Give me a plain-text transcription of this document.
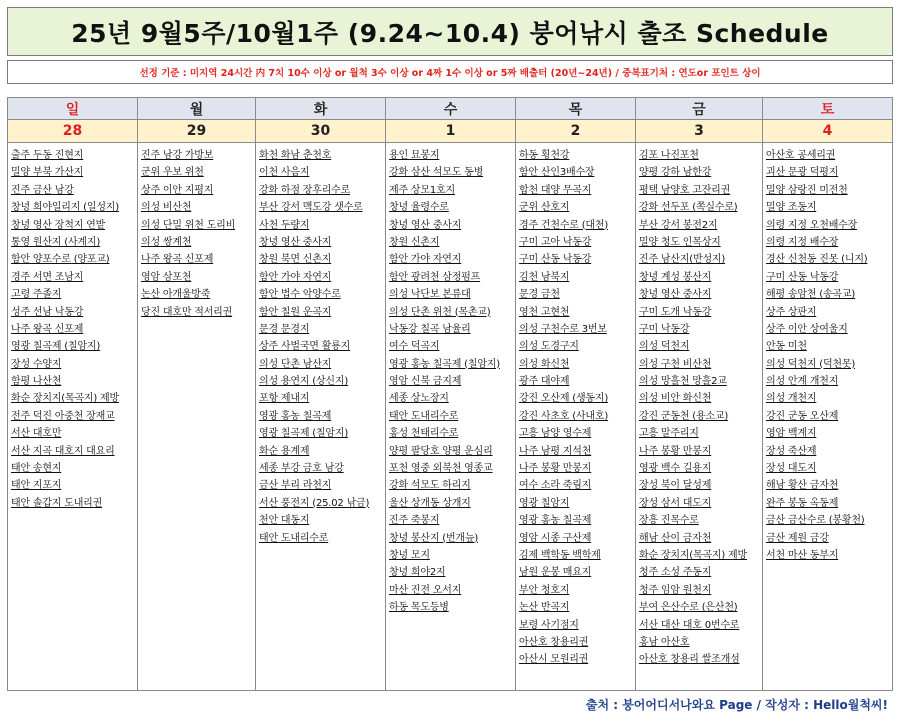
25년 9월5주/10월1주 (9.24~10.4) 붕어낚시 출조 Schedule
선정 기준 : 미지역 24시간 内 7치 10수 이상 or 월척 3수 이상 or 4짜 1수 이상 or 5짜 배출터 (20년~24년) / 중복표기처 : 연도or 포인트 상이
일
28
출주 두동 진현지
밀양 부북 가산지
진주 금산 남강
창녕 희야일리지 (일성지)
창녕 영산 장척지 연밭
통영 원산지 (사계지)
함안 양포수로 (양포교)
경주 서면 조남지
고령 주졸지
성주 선남 낙동강
나주 왕곡 신포제
영광 칠곡제 (칠암지)
장성 수양지
함평 나산천
화순 장치지(목곡지) 제방
전주 덕진 아중천 장재교
서산 대호만
서산 지곡 대호지 대요리
태안 송현지
태안 지포지
태안 솔갑지 도내리권
월
29
진주 남강 가방보
군위 우보 위천
상주 이안 지평지
의성 비산천
의성 단밀 위천 도리비
의성 쌍계천
나주 왕곡 신포제
영암 삼포천
논산 아개울방죽
당진 대호만 적서리권
화
30
화천 화남 춘천호
이천 사음지
강화 하점 장후리수로
부산 강서 맥도강 샛수로
사천 두량지
창녕 영산 중사지
창원 북면 신촌지
함안 가야 자연지
함안 법수 악양수로
함안 칠원 운곡지
문경 문경지
상주 사벌국면 활룡지
의성 단촌 남산지
의성 용연지 (상신지)
포항 제내지
영광 홍농 칠곡제
영광 칠곡제 (칠암지)
화순 용계제
세종 부강 금호 남강
금산 부리 라천지
서산 풍전지 (25.02 낚금)
천안 대동지
태안 도내리수로
수
1
용인 묘봉지
강화 삼산 석모도 동병
제주 상모1호지
창녕 율령수로
창녕 영산 중사지
창원 신촌지
함안 가야 자연지
함안 광려천 삼정펌프
의성 낙단보 본류대
의성 단촌 위천 (목촌교)
낙동강 칠곡 남율리
여수 덕곡지
영광 홍농 칠곡제 (칠암지)
영암 신북 금지제
세종 상노장지
태안 도내리수로
홍성 천태리수로
양평 팔당호 양평 운심리
포천 영중 외북천 영종교
강화 석모도 하리지
울산 상개동 상개지
진주 죽봉지
창녕 봉산지 (번개늪)
창녕 모지
창녕 희야2지
마산 진전 오서지
하동 목도등병
목
2
하동 횡천강
함안 산인3배수장
합천 대양 무곡지
군위 산호지
경주 건천수로 (대천)
구미 고아 낙동강
구미 산동 낙동강
김천 남북지
문경 금천
영천 고현천
의성 구천수로 3번보
의성 도경구지
의성 화신천
광주 대야제
강진 오산제 (생동지)
강진 사초호 (사내호)
고흥 남양 영수제
나주 남평 지석천
나주 봉황 만봉지
여수 소라 죽림지
영광 칠암지
영광 홍농 칠곡제
영암 시종 구산제
김제 백학동 백학제
남원 운봉 매요지
부안 청호지
논산 반곡지
보령 사기점지
아산호 창용리권
아산시 모원리권
금
3
김포 나진포천
양평 강하 남한강
평택 남양호 고잔리권
강화 선두포 (쪽실수로)
부산 강서 봉전2지
밀양 청도 인목상지
진주 남산지(반성지)
창녕 계성 봉산지
창녕 영산 중사지
구미 도개 낙동강
구미 낙동강
의성 덕천지
의성 구천 비산천
의성 망흘천 망흘2교
의성 비안 화신천
강진 군동천 (용소교)
고흥 말주리지
나주 봉황 만봉지
영광 백수 길용지
장성 북이 달성제
장성 삼서 대도지
장흥 진목수로
해남 산이 금자천
화순 장치지(목곡지) 제방
청주 소성 주동지
청주 임암 원천지
부여 은산수로 (은산천)
서산 대산 대호 0번수로
홍남 아산호
아산호 창용리 쌀조개섬
토
4
아산호 공세리권
괴산 문광 덕평지
밀양 삼랑진 미전천
밀양 조동지
의령 지정 오천배수장
의령 지정 배수장
경산 신천동 진못 (니지)
구미 산동 낙동강
해평 송암천 (송곡교)
상주 상판지
상주 이안 상여울지
안동 미천
의성 덕천지 (덕천못)
의성 안계 개천지
의성 개천지
강진 군동 오산제
영암 백계지
장성 죽산제
장성 대도지
해남 황산 금자천
완주 봉동 옥동제
금산 금산수로 (봉황천)
금산 제원 금강
서천 마산 동부지
출처 : 붕어어디서나와요 Page / 작성자 : Hello월척씨!
